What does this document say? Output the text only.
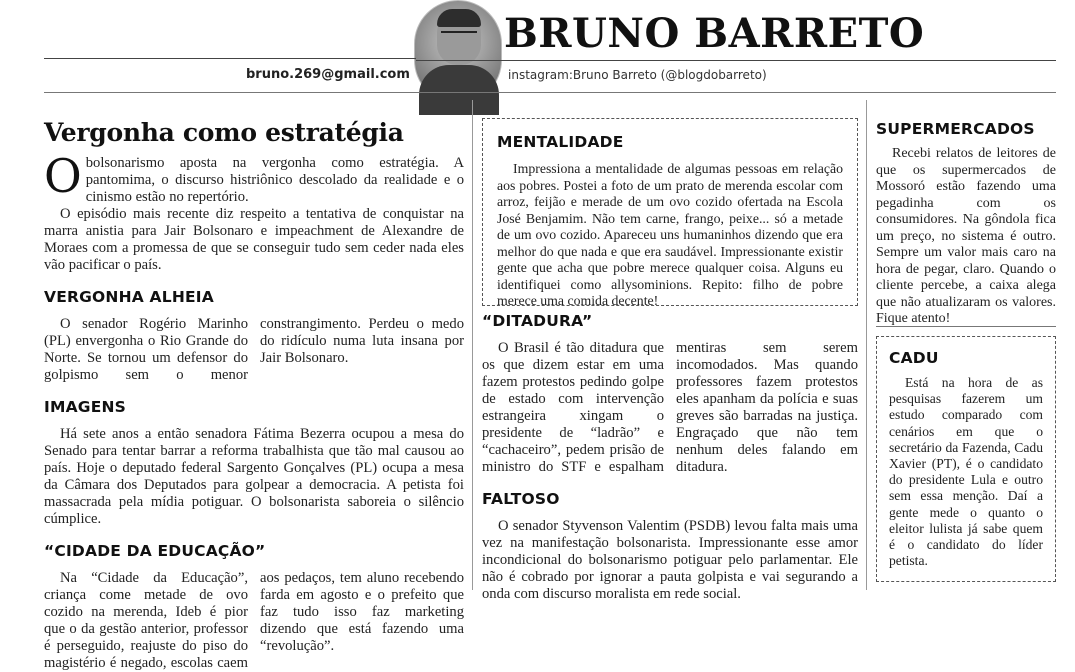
BRUNO BARRETO
bruno.269@gmail.com	instagram:Bruno Barreto (@blogdobarreto)
Vergonha como estratégia
O bolsonarismo aposta na vergonha como estratégia. A pantomima, o discurso histriônico descolado da realidade e o cinismo estão no repertório.
O episódio mais recente diz respeito a tentativa de conquistar na marra anistia para Jair Bolsonaro e impeachment de Alexandre de Moraes com a promessa de que se conseguir tudo sem ceder nada eles vão pacificar o país.
VERGONHA ALHEIA
O senador Rogério Marinho (PL) envergonha o Rio Grande do Norte. Se tornou um defensor do golpismo sem o menor constrangimento. Perdeu o medo do ridículo numa luta insana por Jair Bolsonaro.
IMAGENS
Há sete anos a então senadora Fátima Bezerra ocupou a mesa do Senado para tentar barrar a reforma trabalhista que tão mal causou ao país. Hoje o deputado federal Sargento Gonçalves (PL) ocupa a mesa da Câmara dos Deputados para golpear a democracia. A petista foi massacrada pela mídia potiguar. O bolsonarista saboreia o silêncio cúmplice.
“CIDADE DA EDUCAÇÃO”
Na “Cidade da Educação”, criança come metade de ovo cozido na merenda, Ideb é pior que o da gestão anterior, professor é perseguido, reajuste do piso do magistério é negado, escolas caem aos pedaços, tem aluno recebendo farda em agosto e o prefeito que faz tudo isso faz marketing dizendo que está fazendo uma “revolução”.
MENTALIDADE
Impressiona a mentalidade de algumas pessoas em relação aos pobres. Postei a foto de um prato de merenda escolar com arroz, feijão e merade de um ovo cozido ofertada na Escola José Benjamim. Não tem carne, frango, peixe... só a metade de um ovo cozido. Apareceu uns humaninhos dizendo que era melhor do que nada e que era saudável. Impressionante existir gente que acha que pobre merece qualquer coisa. Alguns eu identifiquei como allysominions. Repito: filho de pobre merece uma comida decente!
“DITADURA”
O Brasil é tão ditadura que os que dizem estar em uma fazem protestos pedindo golpe de estado com intervenção estrangeira xingam o presidente de “ladrão” e “cachaceiro”, pedem prisão de ministro do STF e espalham mentiras sem serem incomodados. Mas quando professores fazem protestos eles apanham da polícia e suas greves são barradas na justiça. Engraçado que não tem nenhum deles falando em ditadura.
FALTOSO
O senador Styvenson Valentim (PSDB) levou falta mais uma vez na manifestação bolsonarista. Impressionante esse amor incondicional do bolsonarismo potiguar pelo parlamentar. Ele não é cobrado por ignorar a pauta golpista e vai segurando a onda com discurso moralista em rede social.
SUPERMERCADOS
Recebi relatos de leitores de que os supermercados de Mossoró estão fazendo uma pegadinha com os consumidores. Na gôndola fica um preço, no sistema é outro. Sempre um valor mais caro na hora de pegar, claro. Quando o cliente percebe, a caixa alega que não atualizaram os valores. Fique atento!
CADU
Está na hora de as pesquisas fazerem um estudo comparado com cenários em que o secretário da Fazenda, Cadu Xavier (PT), é o candidato do presidente Lula e outro sem essa menção. Daí a gente mede o quanto o eleitor lulista já sabe quem é o candidato do líder petista.
